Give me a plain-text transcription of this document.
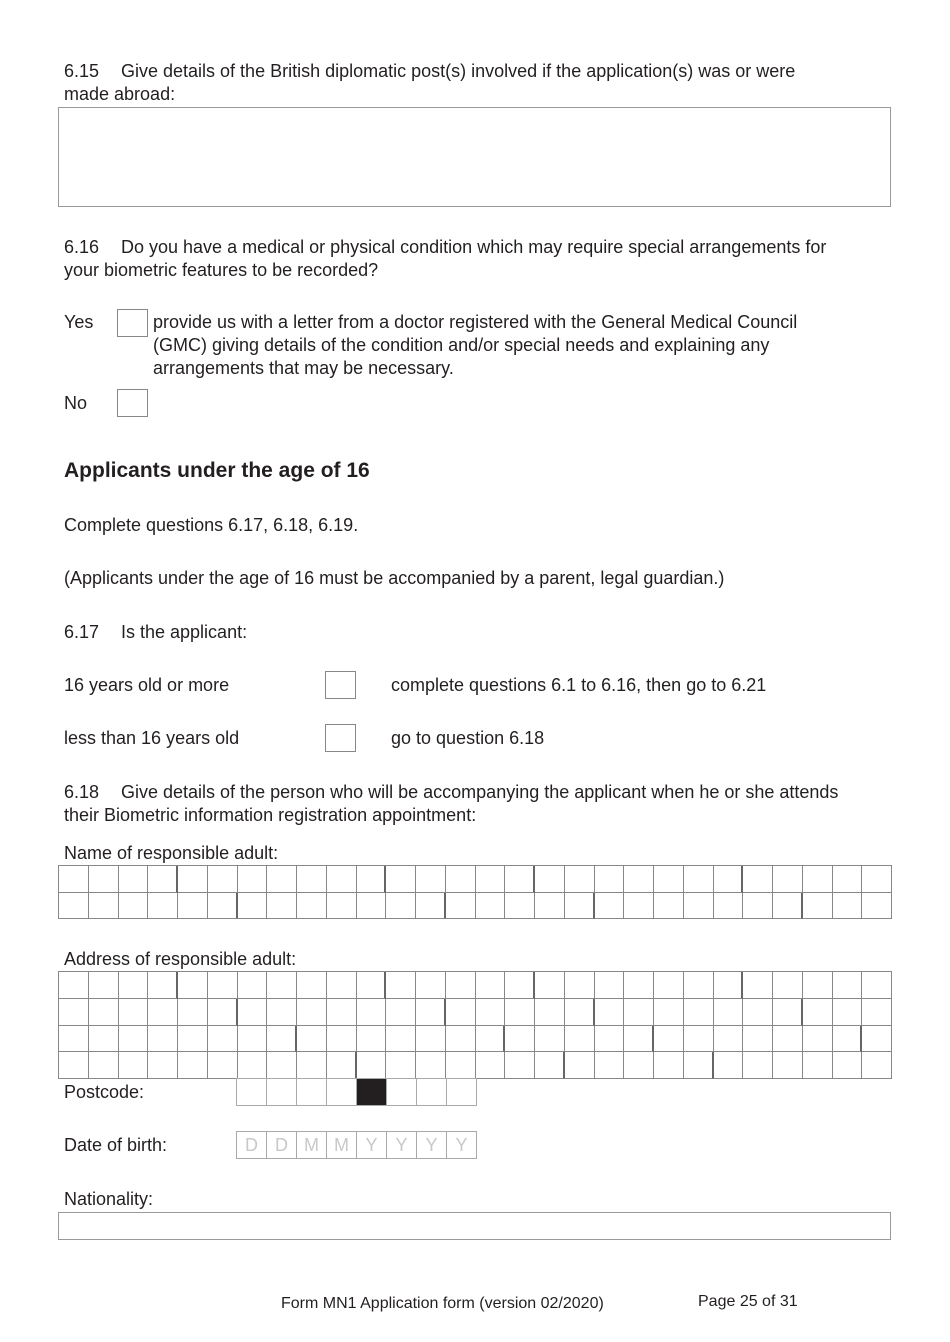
6.15 Give details of the British diplomatic post(s) involved if the application(s) was or were
made abroad:
6.16 Do you have a medical or physical condition which may require special arrangements for
your biometric features to be recorded?
Yes	provide us with a letter from a doctor registered with the General Medical Council
(GMC) giving details of the condition and/or special needs and explaining any
arrangements that may be necessary.
No
Applicants under the age of 16
Complete questions 6.17, 6.18, 6.19.
(Applicants under the age of 16 must be accompanied by a parent, legal guardian.)
6.17 Is the applicant:
16 years old or more	complete questions 6.1 to 6.16, then go to 6.21
less than 16 years old	go to question 6.18
6.18 Give details of the person who will be accompanying the applicant when he or she attends
their Biometric information registration appointment:
Name of responsible adult:
Address of responsible adult:
Postcode:
Date of birth:	D D M M Y Y Y Y
Nationality:
Form MN1 Application form (version 02/2020)	Page 25 of 31
